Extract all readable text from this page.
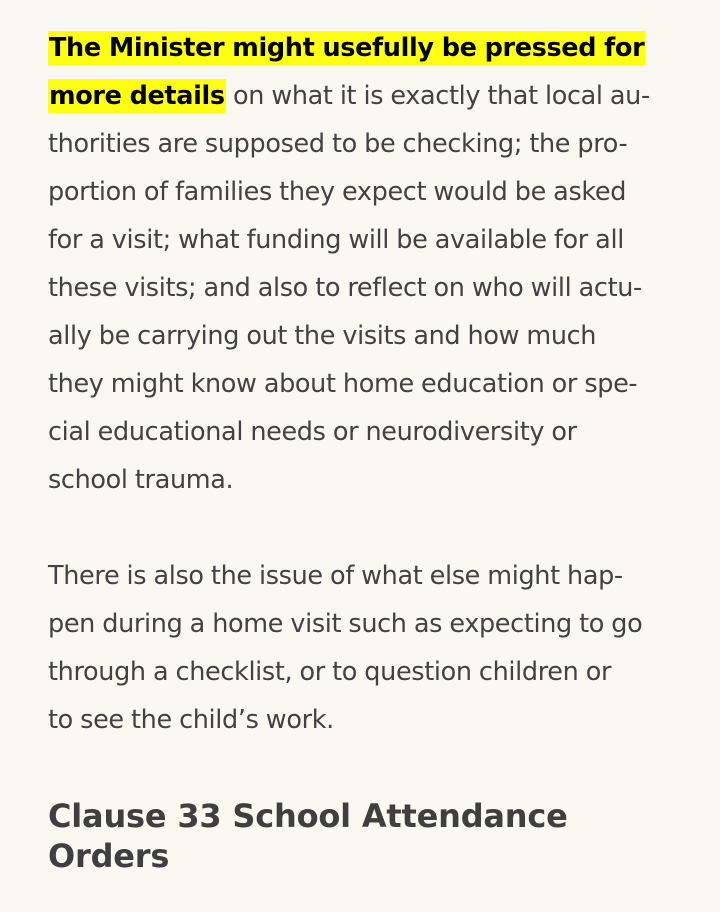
The Minister might usefully be pressed for
more details on what it is exactly that local au-
thorities are supposed to be checking; the pro-
portion of families they expect would be asked
for a visit; what funding will be available for all
these visits; and also to reflect on who will actu-
ally be carrying out the visits and how much
they might know about home education or spe-
cial educational needs or neurodiversity or
school trauma.

There is also the issue of what else might hap-
pen during a home visit such as expecting to go
through a checklist, or to question children or
to see the child’s work.

Clause 33 School Attendance Orders
